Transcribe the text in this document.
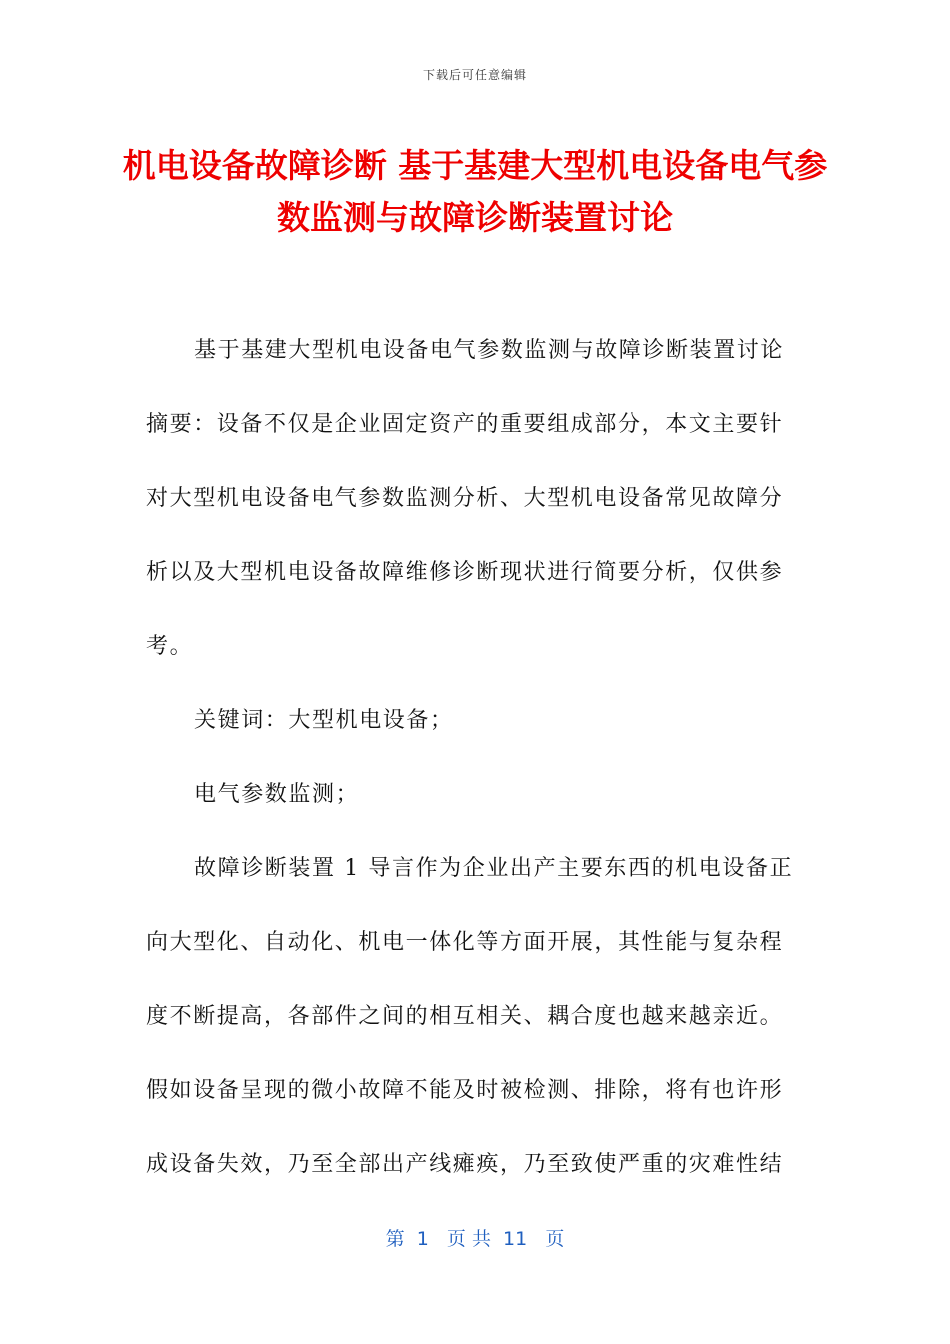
下载后可任意编辑
机电设备故障诊断 基于基建大型机电设备电气参数监测与故障诊断装置讨论

基于基建大型机电设备电气参数监测与故障诊断装置讨论

摘要：设备不仅是企业固定资产的重要组成部分，本文主要针对大型机电设备电气参数监测分析、大型机电设备常见故障分析以及大型机电设备故障维修诊断现状进行简要分析，仅供参考。

关键词：大型机电设备；

电气参数监测；

故障诊断装置 1 导言作为企业出产主要东西的机电设备正向大型化、自动化、机电一体化等方面开展，其性能与复杂程度不断提高，各部件之间的相互相关、耦合度也越来越亲近。假如设备呈现的微小故障不能及时被检测、排除，将有也许形成设备失效，乃至全部出产线瘫痪，乃至致使严重的灾难性结

第  1   页 共  11   页
